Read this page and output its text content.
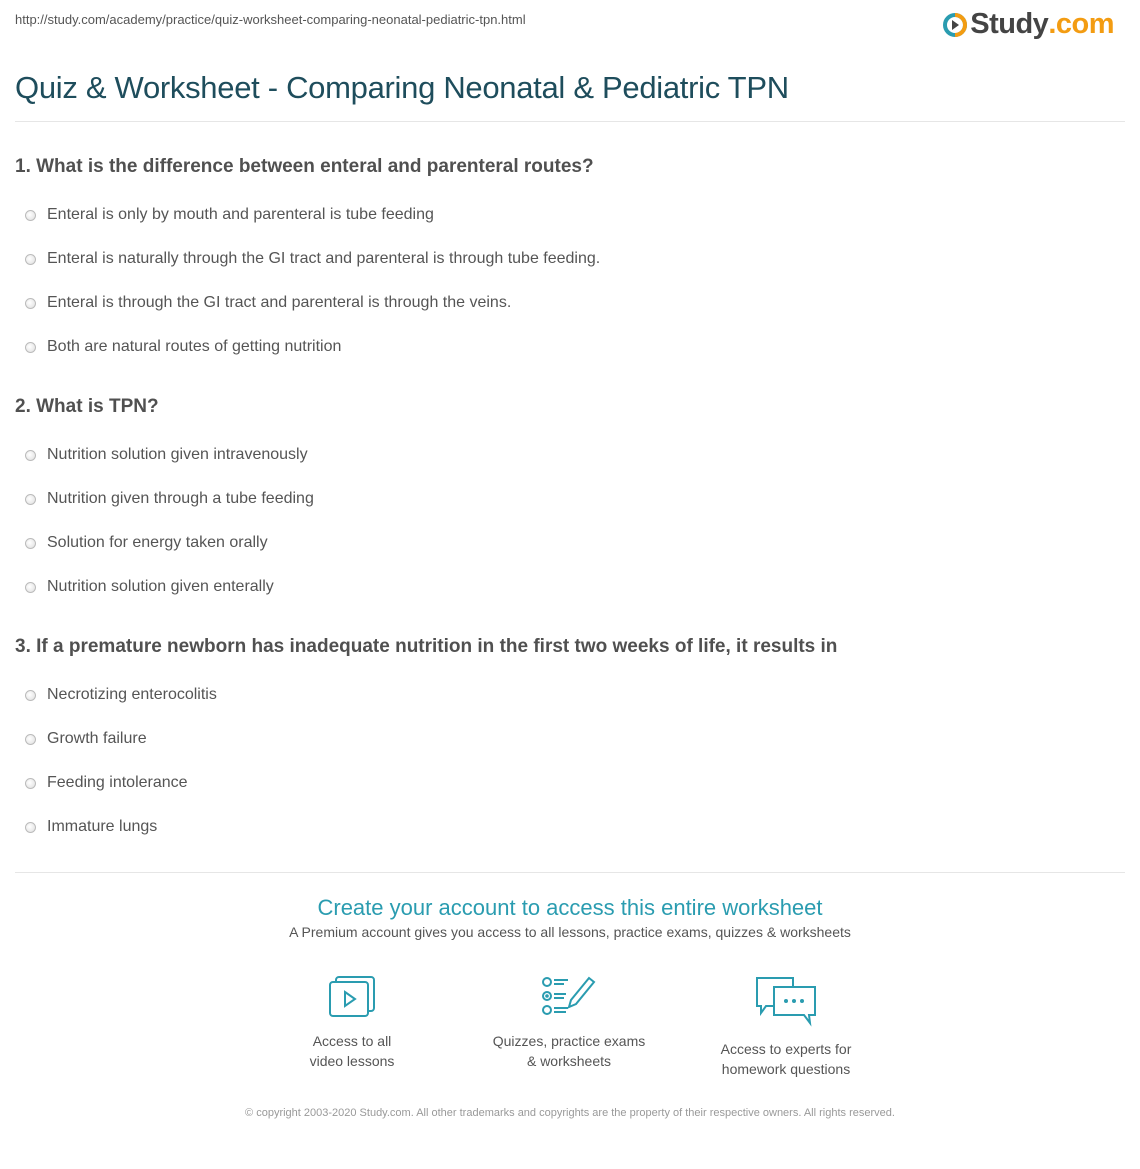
http://study.com/academy/practice/quiz-worksheet-comparing-neonatal-pediatric-tpn.html	Study .com
Quiz & Worksheet - Comparing Neonatal & Pediatric TPN
1. What is the difference between enteral and parenteral routes?
Enteral is only by mouth and parenteral is tube feeding
Enteral is naturally through the GI tract and parenteral is through tube feeding.
Enteral is through the GI tract and parenteral is through the veins.
Both are natural routes of getting nutrition
2. What is TPN?
Nutrition solution given intravenously
Nutrition given through a tube feeding
Solution for energy taken orally
Nutrition solution given enterally
3. If a premature newborn has inadequate nutrition in the first two weeks of life, it results in
Necrotizing enterocolitis
Growth failure
Feeding intolerance
Immature lungs
Create your account to access this entire worksheet
A Premium account gives you access to all lessons, practice exams, quizzes & worksheets
Access to all
video lessons
Quizzes, practice exams
& worksheets
Access to experts for
homework questions
© copyright 2003-2020 Study.com. All other trademarks and copyrights are the property of their respective owners. All rights reserved.
